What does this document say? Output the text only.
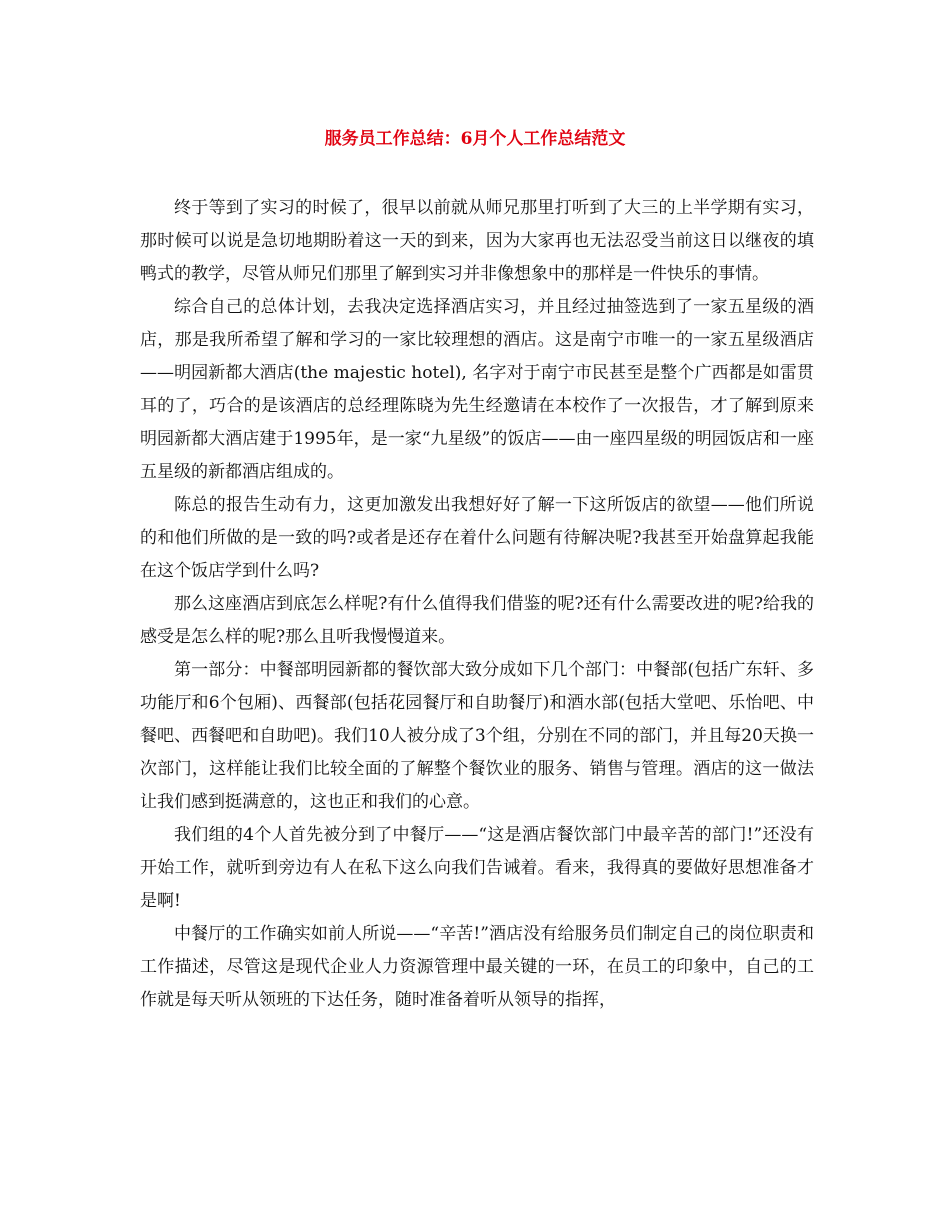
服务员工作总结：6月个人工作总结范文

终于等到了实习的时候了，很早以前就从师兄那里打听到了大三的上半学期有实习，那时候可以说是急切地期盼着这一天的到来，因为大家再也无法忍受当前这日以继夜的填鸭式的教学，尽管从师兄们那里了解到实习并非像想象中的那样是一件快乐的事情。

综合自己的总体计划，去我决定选择酒店实习，并且经过抽签选到了一家五星级的酒店，那是我所希望了解和学习的一家比较理想的酒店。这是南宁市唯一的一家五星级酒店——明园新都大酒店(the majestic hotel), 名字对于南宁市民甚至是整个广西都是如雷贯耳的了，巧合的是该酒店的总经理陈晓为先生经邀请在本校作了一次报告，才了解到原来明园新都大酒店建于1995年，是一家“九星级”的饭店——由一座四星级的明园饭店和一座五星级的新都酒店组成的。

陈总的报告生动有力，这更加激发出我想好好了解一下这所饭店的欲望——他们所说的和他们所做的是一致的吗?或者是还存在着什么问题有待解决呢?我甚至开始盘算起我能在这个饭店学到什么吗?

那么这座酒店到底怎么样呢?有什么值得我们借鉴的呢?还有什么需要改进的呢?给我的感受是怎么样的呢?那么且听我慢慢道来。

第一部分：中餐部明园新都的餐饮部大致分成如下几个部门：中餐部(包括广东轩、多功能厅和6个包厢)、西餐部(包括花园餐厅和自助餐厅)和酒水部(包括大堂吧、乐怡吧、中餐吧、西餐吧和自助吧)。我们10人被分成了3个组，分别在不同的部门，并且每20天换一次部门，这样能让我们比较全面的了解整个餐饮业的服务、销售与管理。酒店的这一做法让我们感到挺满意的，这也正和我们的心意。

我们组的4个人首先被分到了中餐厅——“这是酒店餐饮部门中最辛苦的部门!”还没有开始工作，就听到旁边有人在私下这么向我们告诫着。看来，我得真的要做好思想准备才是啊!

中餐厅的工作确实如前人所说——“辛苦!”酒店没有给服务员们制定自己的岗位职责和工作描述，尽管这是现代企业人力资源管理中最关键的一环，在员工的印象中，自己的工作就是每天听从领班的下达任务，随时准备着听从领导的指挥，
